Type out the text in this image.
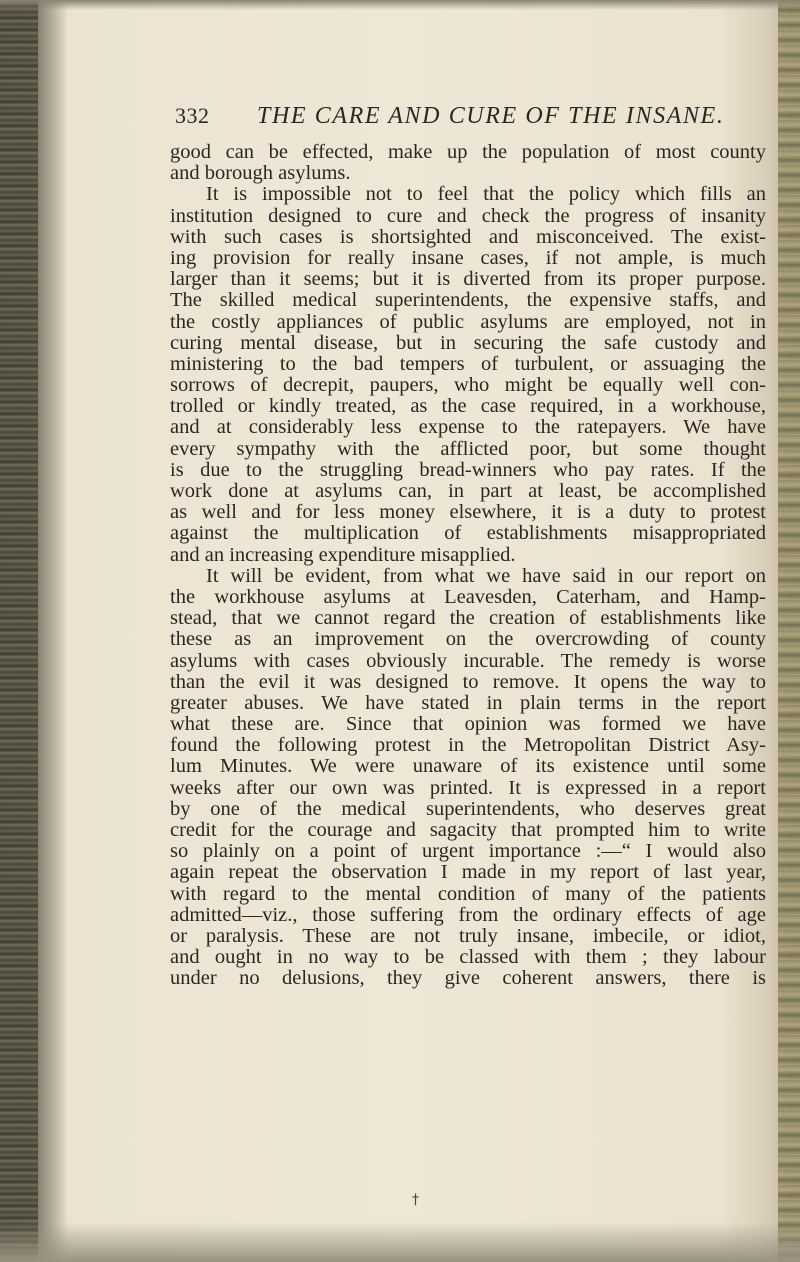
332 THE CARE AND CURE OF THE INSANE.
good can be effected, make up the population of most county
and borough asylums.
It is impossible not to feel that the policy which fills an
institution designed to cure and check the progress of insanity
with such cases is shortsighted and misconceived. The exist-
ing provision for really insane cases, if not ample, is much
larger than it seems; but it is diverted from its proper purpose.
The skilled medical superintendents, the expensive staffs, and
the costly appliances of public asylums are employed, not in
curing mental disease, but in securing the safe custody and
ministering to the bad tempers of turbulent, or assuaging the
sorrows of decrepit, paupers, who might be equally well con-
trolled or kindly treated, as the case required, in a workhouse,
and at considerably less expense to the ratepayers. We have
every sympathy with the afflicted poor, but some thought
is due to the struggling bread-winners who pay rates. If the
work done at asylums can, in part at least, be accomplished
as well and for less money elsewhere, it is a duty to protest
against the multiplication of establishments misappropriated
and an increasing expenditure misapplied.
It will be evident, from what we have said in our report on
the workhouse asylums at Leavesden, Caterham, and Hamp-
stead, that we cannot regard the creation of establishments like
these as an improvement on the overcrowding of county
asylums with cases obviously incurable. The remedy is worse
than the evil it was designed to remove. It opens the way to
greater abuses. We have stated in plain terms in the report
what these are. Since that opinion was formed we have
found the following protest in the Metropolitan District Asy-
lum Minutes. We were unaware of its existence until some
weeks after our own was printed. It is expressed in a report
by one of the medical superintendents, who deserves great
credit for the courage and sagacity that prompted him to write
so plainly on a point of urgent importance :—“ I would also
again repeat the observation I made in my report of last year,
with regard to the mental condition of many of the patients
admitted—viz., those suffering from the ordinary effects of age
or paralysis. These are not truly insane, imbecile, or idiot,
and ought in no way to be classed with them ; they labour
under no delusions, they give coherent answers, there is
†
